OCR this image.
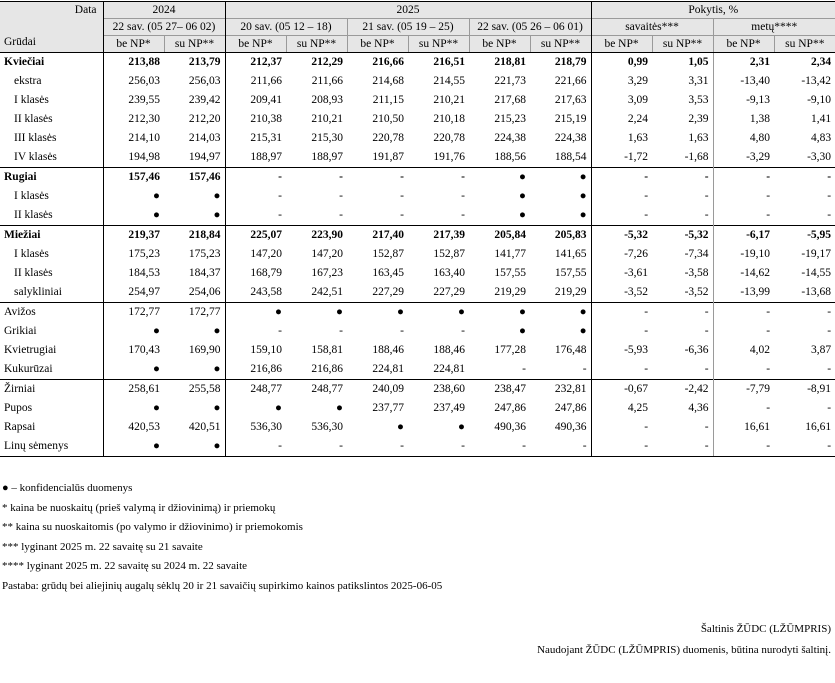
Data
Grūdai	2024		2025						Pokytis, %			
	22 sav. (05 27– 06 02)		20 sav. (05 12 – 18)		21 sav. (05 19 – 25)		22 sav. (05 26 – 06 01)		savaitės***		metų****	
	be NP*	su NP**	be NP*	su NP**	be NP*	su NP**	be NP*	su NP**	be NP*	su NP**	be NP*	su NP**
Kviečiai	213,88	213,79	212,37	212,29	216,66	216,51	218,81	218,79	0,99	1,05	2,31	2,34
ekstra	256,03	256,03	211,66	211,66	214,68	214,55	221,73	221,66	3,29	3,31	-13,40	-13,42
I klasės	239,55	239,42	209,41	208,93	211,15	210,21	217,68	217,63	3,09	3,53	-9,13	-9,10
II klasės	212,30	212,20	210,38	210,21	210,50	210,18	215,23	215,19	2,24	2,39	1,38	1,41
III klasės	214,10	214,03	215,31	215,30	220,78	220,78	224,38	224,38	1,63	1,63	4,80	4,83
IV klasės	194,98	194,97	188,97	188,97	191,87	191,76	188,56	188,54	-1,72	-1,68	-3,29	-3,30
Rugiai	157,46	157,46	-	-	-	-	●	●	-	-	-	-
I klasės	●	●	-	-	-	-	●	●	-	-	-	-
II klasės	●	●	-	-	-	-	●	●	-	-	-	-
Miežiai	219,37	218,84	225,07	223,90	217,40	217,39	205,84	205,83	-5,32	-5,32	-6,17	-5,95
I klasės	175,23	175,23	147,20	147,20	152,87	152,87	141,77	141,65	-7,26	-7,34	-19,10	-19,17
II klasės	184,53	184,37	168,79	167,23	163,45	163,40	157,55	157,55	-3,61	-3,58	-14,62	-14,55
salykliniai	254,97	254,06	243,58	242,51	227,29	227,29	219,29	219,29	-3,52	-3,52	-13,99	-13,68
Avižos	172,77	172,77	●	●	●	●	●	●	-	-	-	-
Grikiai	●	●	-	-	-	-	●	●	-	-	-	-
Kvietrugiai	170,43	169,90	159,10	158,81	188,46	188,46	177,28	176,48	-5,93	-6,36	4,02	3,87
Kukurūzai	●	●	216,86	216,86	224,81	224,81	-	-	-	-	-	-
Žirniai	258,61	255,58	248,77	248,77	240,09	238,60	238,47	232,81	-0,67	-2,42	-7,79	-8,91
Pupos	●	●	●	●	237,77	237,49	247,86	247,86	4,25	4,36	-	-
Rapsai	420,53	420,51	536,30	536,30	●	●	490,36	490,36	-	-	16,61	16,61
Linų sėmenys	●	●	-	-	-	-	-	-	-	-	-	-
● – konfidencialūs duomenys
* kaina be nuoskaitų (prieš valymą ir džiovinimą) ir priemokų
** kaina su nuoskaitomis (po valymo ir džiovinimo) ir priemokomis
*** lyginant 2025 m. 22 savaitę su 21 savaite
**** lyginant 2025 m. 22 savaitę su 2024 m. 22 savaite
Pastaba: grūdų bei aliejinių augalų sėklų 20 ir 21 savaičių supirkimo kainos patikslintos 2025-06-05
Šaltinis ŽŪDC (LŽŪMPRIS)
Naudojant ŽŪDC (LŽŪMPRIS) duomenis, būtina nurodyti šaltinį.
